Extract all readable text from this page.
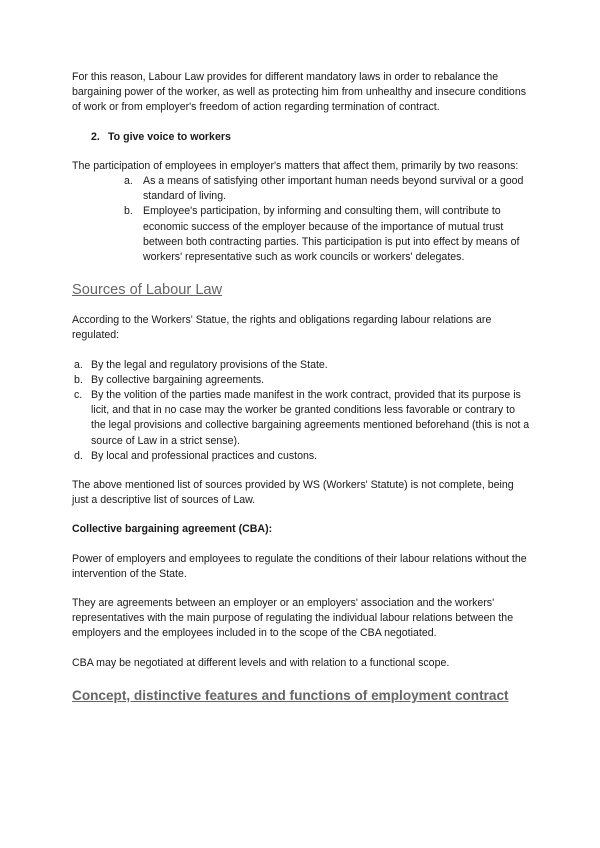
For this reason, Labour Law provides for different mandatory laws in order to rebalance the bargaining power of the worker, as well as protecting him from unhealthy and insecure conditions of work or from employer's freedom of action regarding termination of contract.

2. To give voice to workers

The participation of employees in employer's matters that affect them, primarily by two reasons:

a. As a means of satisfying other important human needs beyond survival or a good standard of living.
b. Employee's participation, by informing and consulting them, will contribute to economic success of the employer because of the importance of mutual trust between both contracting parties. This participation is put into effect by means of workers' representative such as work councils or workers' delegates.
Sources of Labour Law

According to the Workers' Statue, the rights and obligations regarding labour relations are regulated:

a. By the legal and regulatory provisions of the State.
b. By collective bargaining agreements.
c. By the volition of the parties made manifest in the work contract, provided that its purpose is licit, and that in no case may the worker be granted conditions less favorable or contrary to the legal provisions and collective bargaining agreements mentioned beforehand (this is not a source of Law in a strict sense).
d. By local and professional practices and custons.

The above mentioned list of sources provided by WS (Workers' Statute) is not complete, being just a descriptive list of sources of Law.

Collective bargaining agreement (CBA):

Power of employers and employees to regulate the conditions of their labour relations without the intervention of the State.

They are agreements between an employer or an employers' association and the workers' representatives with the main purpose of regulating the individual labour relations between the employers and the employees included in to the scope of the CBA negotiated.

CBA may be negotiated at different levels and with relation to a functional scope.

Concept, distinctive features and functions of employment contract
